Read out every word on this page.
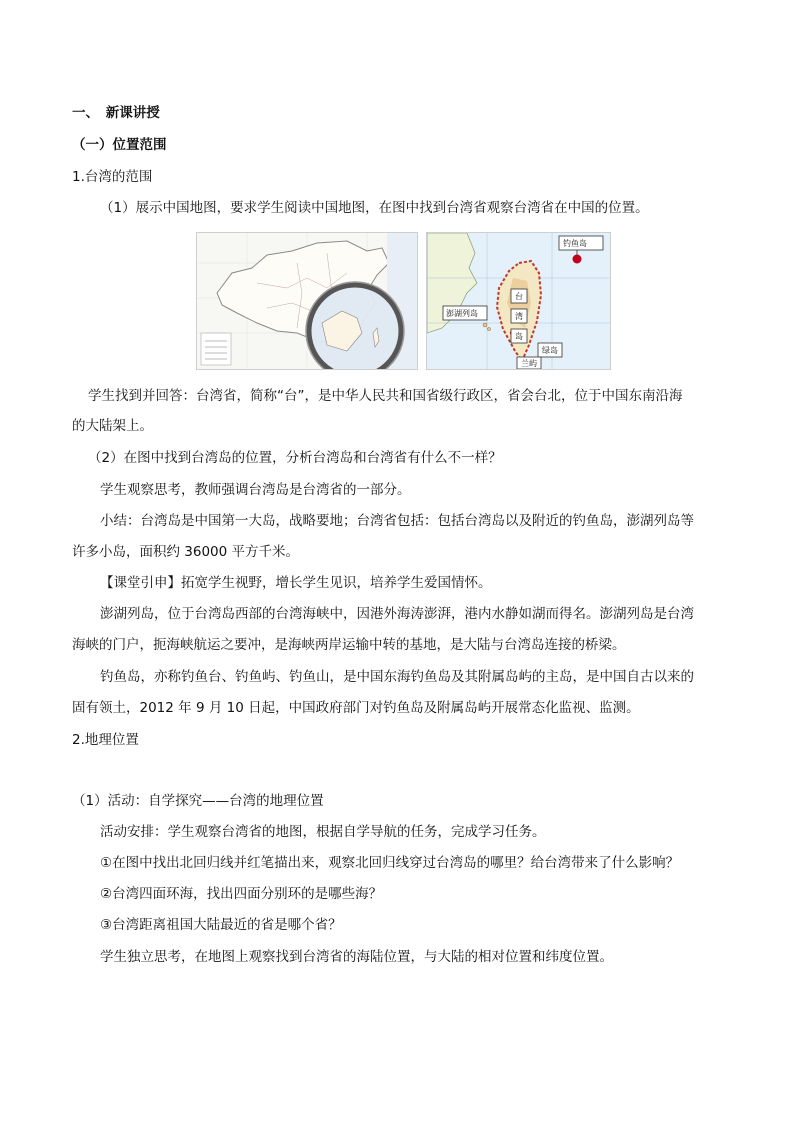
一、　新课讲授
（一）位置范围
1.台湾的范围
（1）展示中国地图，要求学生阅读中国地图，在图中找到台湾省观察台湾省在中国的位置。
钓鱼岛
澎湖列岛
台
湾
岛
绿岛
兰屿
学生找到并回答：台湾省，简称“台”，是中华人民共和国省级行政区，省会台北，位于中国东南沿海
的大陆架上。
（2）在图中找到台湾岛的位置，分析台湾岛和台湾省有什么不一样？
学生观察思考，教师强调台湾岛是台湾省的一部分。
小结：台湾岛是中国第一大岛，战略要地；台湾省包括：包括台湾岛以及附近的钓鱼岛，澎湖列岛等
许多小岛，面积约 36000 平方千米。
【课堂引申】拓宽学生视野，增长学生见识，培养学生爱国情怀。
澎湖列岛，位于台湾岛西部的台湾海峡中，因港外海涛澎湃，港内水静如湖而得名。澎湖列岛是台湾
海峡的门户，扼海峡航运之要冲，是海峡两岸运输中转的基地，是大陆与台湾岛连接的桥梁。
钓鱼岛，亦称钓鱼台、钓鱼屿、钓鱼山，是中国东海钓鱼岛及其附属岛屿的主岛，是中国自古以来的
固有领土，2012 年 9 月 10 日起，中国政府部门对钓鱼岛及附属岛屿开展常态化监视、监测。
2.地理位置
（1）活动：自学探究——台湾的地理位置
活动安排：学生观察台湾省的地图，根据自学导航的任务，完成学习任务。
①在图中找出北回归线并红笔描出来，观察北回归线穿过台湾岛的哪里？给台湾带来了什么影响？
②台湾四面环海，找出四面分别环的是哪些海？
③台湾距离祖国大陆最近的省是哪个省？
学生独立思考，在地图上观察找到台湾省的海陆位置，与大陆的相对位置和纬度位置。
